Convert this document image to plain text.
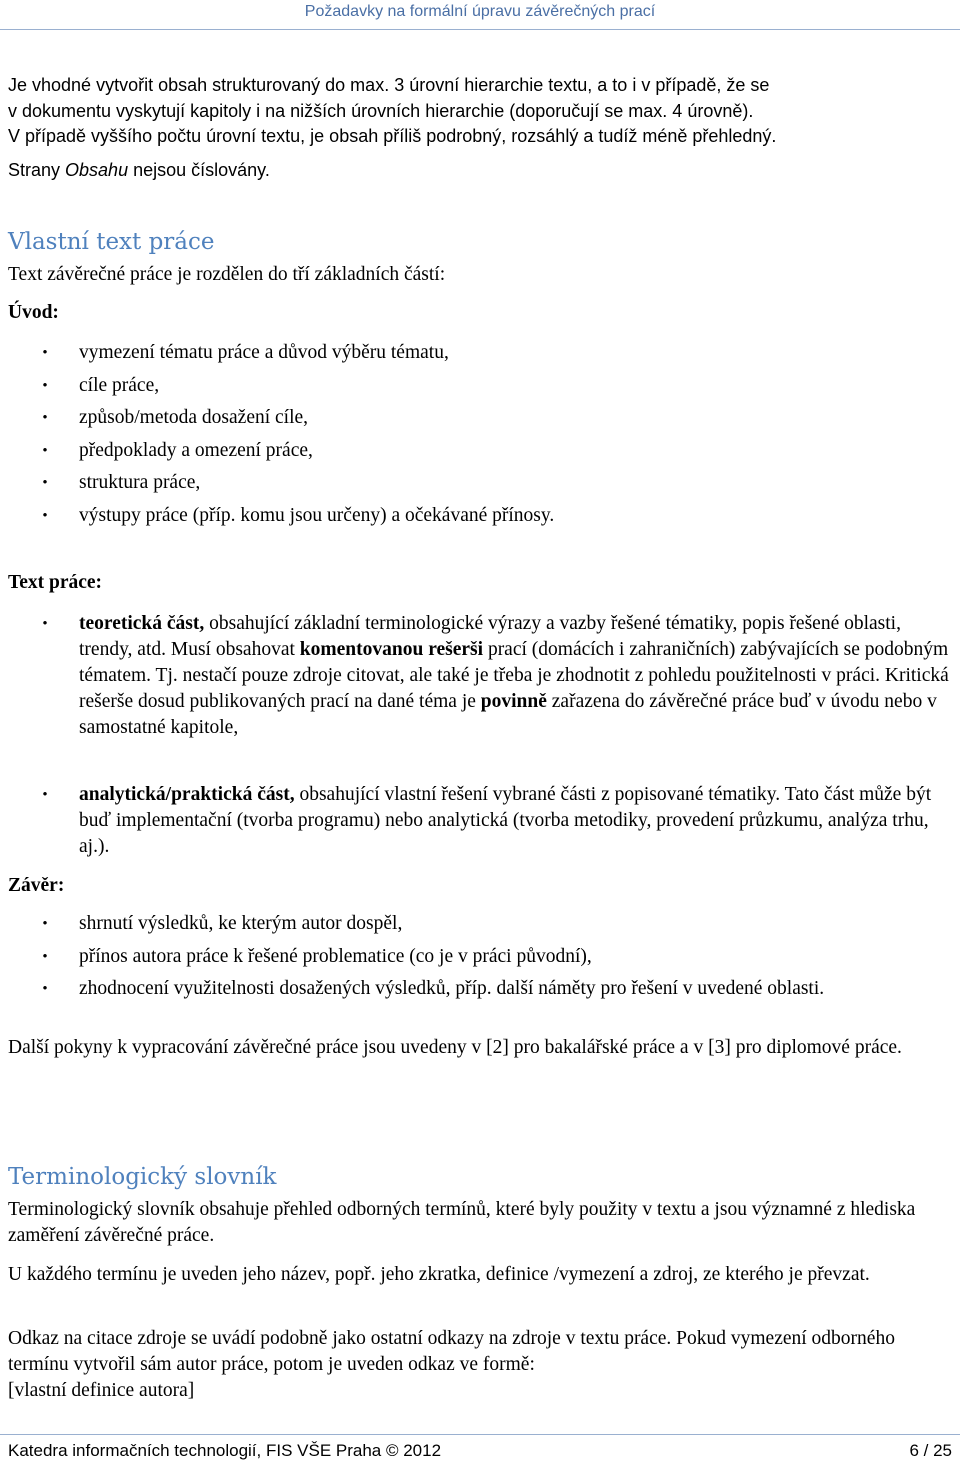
Požadavky na formální úpravu závěrečných prací

Je vhodné vytvořit obsah strukturovaný do max. 3 úrovní hierarchie textu, a to i v případě, že se
v dokumentu vyskytují kapitoly i na nižších úrovních hierarchie (doporučují se max. 4 úrovně).
V případě vyššího počtu úrovní textu, je obsah příliš podrobný, rozsáhlý a tudíž méně přehledný.

Strany Obsahu nejsou číslovány.

Vlastní text práce

Text závěrečné práce je rozdělen do tří základních částí:

Úvod:

• vymezení tématu práce a důvod výběru tématu,
• cíle práce,
• způsob/metoda dosažení cíle,
• předpoklady a omezení práce,
• struktura práce,
• výstupy práce (příp. komu jsou určeny) a očekávané přínosy.

Text práce:

• teoretická část, obsahující základní terminologické výrazy a vazby řešené tématiky, popis řešené oblasti, trendy, atd. Musí obsahovat komentovanou rešerši prací (domácích i zahraničních) zabývajících se podobným tématem. Tj. nestačí pouze zdroje citovat, ale také je třeba je zhodnotit z pohledu použitelnosti v práci. Kritická rešerše dosud publikovaných prací na dané téma je povinně zařazena do závěrečné práce buď v úvodu nebo v samostatné kapitole,
• analytická/praktická část, obsahující vlastní řešení vybrané části z popisované tématiky. Tato část může být buď implementační (tvorba programu) nebo analytická (tvorba metodiky, provedení průzkumu, analýza trhu, aj.).

Závěr:

• shrnutí výsledků, ke kterým autor dospěl,
• přínos autora práce k řešené problematice (co je v práci původní),
• zhodnocení využitelnosti dosažených výsledků, příp. další náměty pro řešení v uvedené oblasti.

Další pokyny k vypracování závěrečné práce jsou uvedeny v [2] pro bakalářské práce a v [3] pro diplomové práce.

Terminologický slovník

Terminologický slovník obsahuje přehled odborných termínů, které byly použity v textu a jsou významné z hlediska zaměření závěrečné práce.

U každého termínu je uveden jeho název, popř. jeho zkratka, definice /vymezení a zdroj, ze kterého je převzat.

Odkaz na citace zdroje se uvádí podobně jako ostatní odkazy na zdroje v textu práce. Pokud vymezení odborného termínu vytvořil sám autor práce, potom je uveden odkaz ve formě:
[vlastní definice autora]

Katedra informačních technologií, FIS VŠE Praha © 2012	6 / 25
